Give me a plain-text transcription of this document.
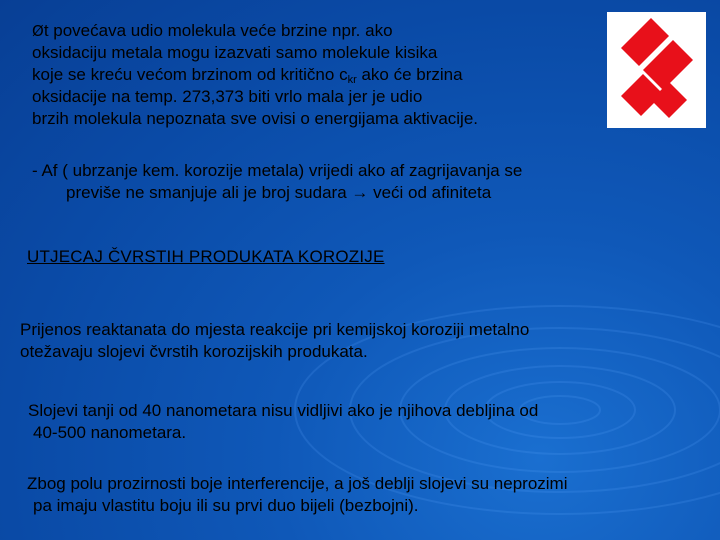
Øt povećava udio molekula veće brzine npr. ako
oksidaciju metala mogu izazvati samo molekule kisika
koje se kreću većom brzinom od kritično $c_{kr}$ ako će brzina
oksidacije na temp. 273,373 biti vrlo mala jer je udio
brzih molekula nepoznata sve ovisi o energijama aktivacije.
- Af ( ubrzanje kem. korozije metala) vrijedi ako af zagrijavanja se
previše ne smanjuje ali je broj sudara → veći od afiniteta
UTJECAJ ČVRSTIH PRODUKATA KOROZIJE
Prijenos reaktanata do mjesta reakcije pri kemijskoj koroziji metalno
otežavaju slojevi čvrstih korozijskih produkata.
Slojevi tanji od 40 nanometara nisu vidljivi ako je njihova debljina od
40-500 nanometara.
Zbog polu prozirnosti boje interferencije, a još deblji slojevi su neprozimi
pa imaju vlastitu boju ili su prvi duo bijeli (bezbojni).
